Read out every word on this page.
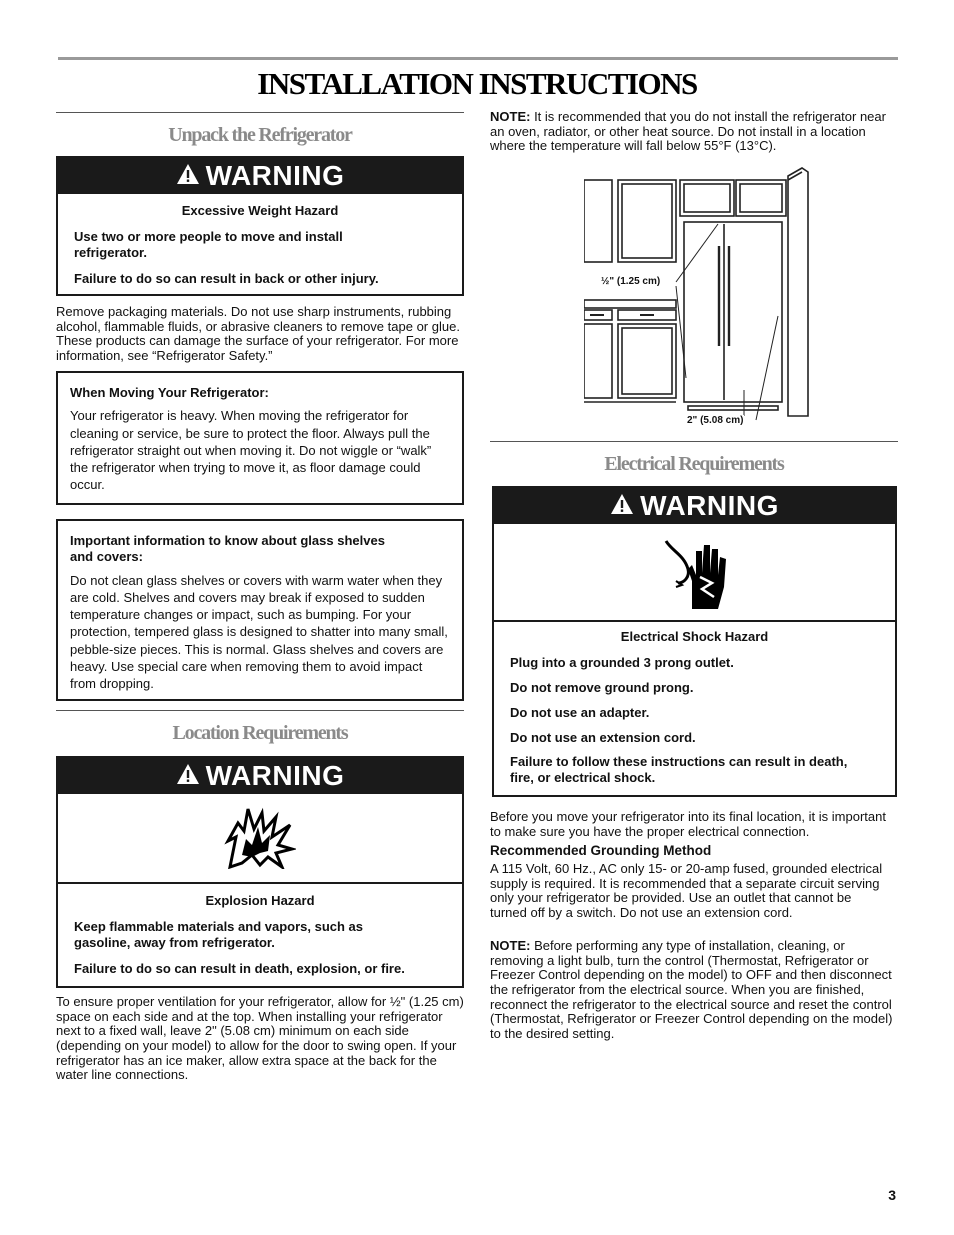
INSTALLATION INSTRUCTIONS
Unpack the Refrigerator
WARNING
Excessive Weight Hazard

Use two or more people to move and install refrigerator.

Failure to do so can result in back or other injury.

Remove packaging materials. Do not use sharp instruments, rubbing alcohol, flammable fluids, or abrasive cleaners to remove tape or glue. These products can damage the surface of your refrigerator. For more information, see “Refrigerator Safety.”
When Moving Your Refrigerator:
Your refrigerator is heavy. When moving the refrigerator for cleaning or service, be sure to protect the floor. Always pull the refrigerator straight out when moving it. Do not wiggle or “walk” the refrigerator when trying to move it, as floor damage could occur.
Important information to know about glass shelves and covers:
Do not clean glass shelves or covers with warm water when they are cold. Shelves and covers may break if exposed to sudden temperature changes or impact, such as bumping. For your protection, tempered glass is designed to shatter into many small, pebble-size pieces. This is normal. Glass shelves and covers are heavy. Use special care when removing them to avoid impact from dropping.
Location Requirements
WARNING
Explosion Hazard

Keep flammable materials and vapors, such as gasoline, away from refrigerator.

Failure to do so can result in death, explosion, or fire.

To ensure proper ventilation for your refrigerator, allow for ½" (1.25 cm) space on each side and at the top. When installing your refrigerator next to a fixed wall, leave 2" (5.08 cm) minimum on each side (depending on your model) to allow for the door to swing open. If your refrigerator has an ice maker, allow extra space at the back for the water line connections.
NOTE: It is recommended that you do not install the refrigerator near an oven, radiator, or other heat source. Do not install in a location where the temperature will fall below 55°F (13°C).
½" (1.25 cm)
2" (5.08 cm)
Electrical Requirements
WARNING
Electrical Shock Hazard

Plug into a grounded 3 prong outlet.

Do not remove ground prong.

Do not use an adapter.

Do not use an extension cord.

Failure to follow these instructions can result in death, fire, or electrical shock.

Before you move your refrigerator into its final location, it is important to make sure you have the proper electrical connection.
Recommended Grounding Method
A 115 Volt, 60 Hz., AC only 15- or 20-amp fused, grounded electrical supply is required. It is recommended that a separate circuit serving only your refrigerator be provided. Use an outlet that cannot be turned off by a switch. Do not use an extension cord.
NOTE: Before performing any type of installation, cleaning, or removing a light bulb, turn the control (Thermostat, Refrigerator or Freezer Control depending on the model) to OFF and then disconnect the refrigerator from the electrical source. When you are finished, reconnect the refrigerator to the electrical source and reset the control (Thermostat, Refrigerator or Freezer Control depending on the model) to the desired setting.
3
